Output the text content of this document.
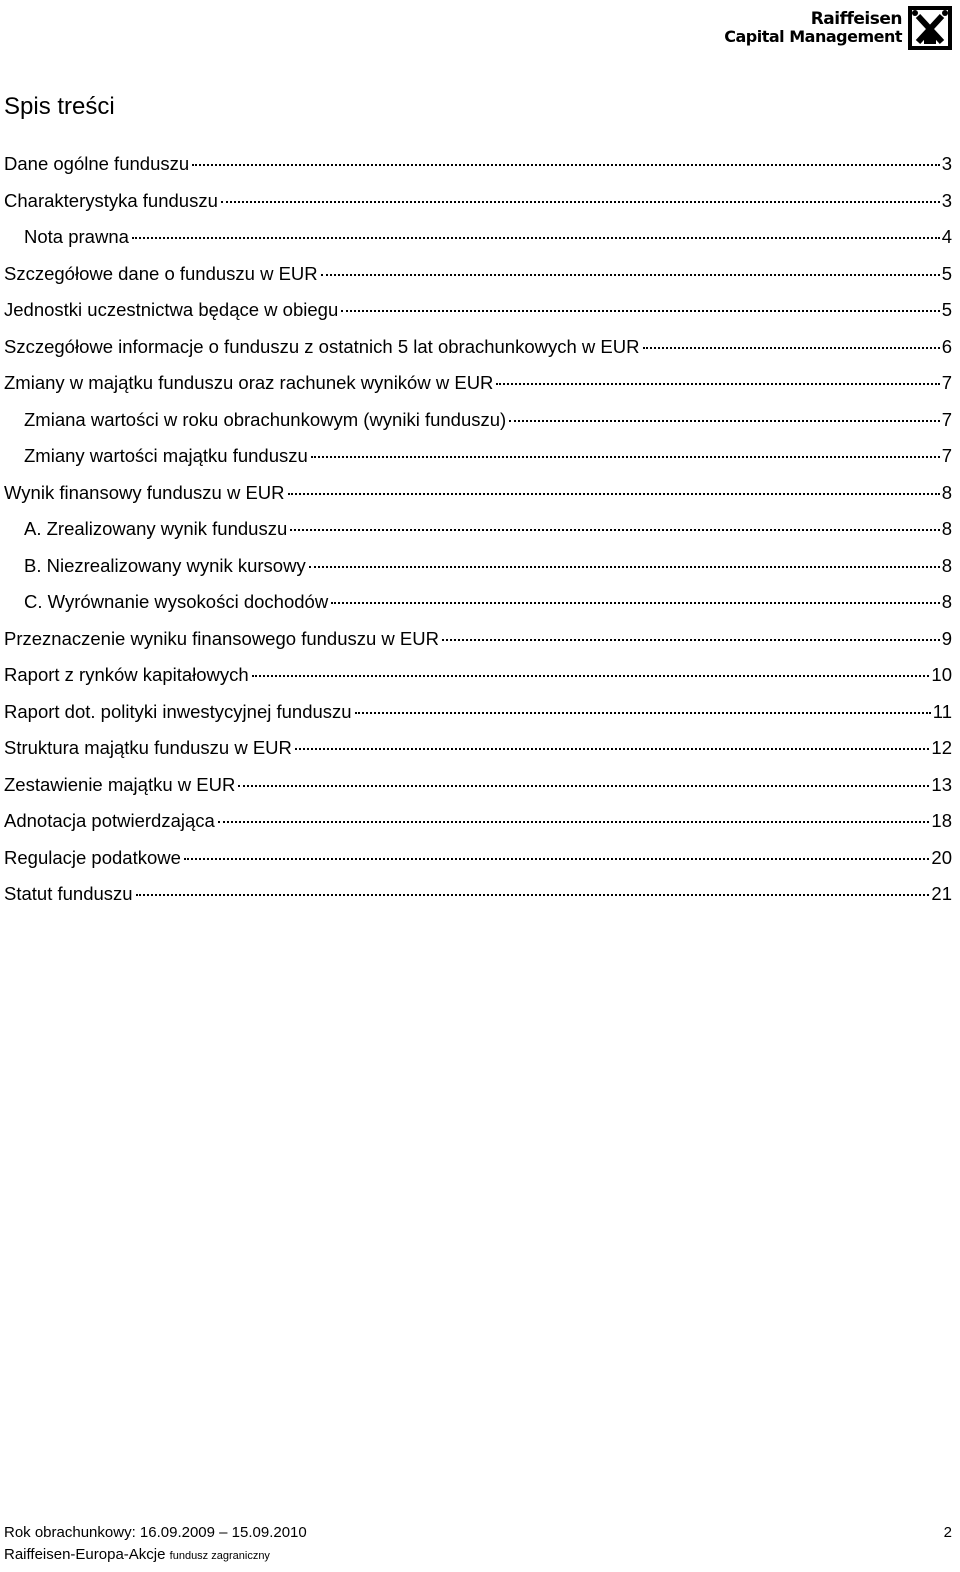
Raiffeisen
Capital Management
Spis treści
Dane ogólne funduszu	3
Charakterystyka funduszu	3
Nota prawna	4
Szczegółowe dane o funduszu w EUR	5
Jednostki uczestnictwa będące w obiegu	5
Szczegółowe informacje o funduszu z ostatnich 5 lat obrachunkowych w EUR	6
Zmiany w majątku funduszu oraz rachunek wyników w EUR	7
Zmiana wartości w roku obrachunkowym (wyniki funduszu)	7
Zmiany wartości majątku funduszu	7
Wynik finansowy funduszu w EUR	8
A. Zrealizowany wynik funduszu	8
B. Niezrealizowany wynik kursowy	8
C. Wyrównanie wysokości dochodów	8
Przeznaczenie wyniku finansowego funduszu w EUR	9
Raport z rynków kapitałowych	10
Raport dot. polityki inwestycyjnej funduszu	11
Struktura majątku funduszu w EUR	12
Zestawienie majątku w EUR	13
Adnotacja potwierdzająca	18
Regulacje podatkowe	20
Statut funduszu	21
Rok obrachunkowy: 16.09.2009 – 15.09.2010	2
Raiffeisen-Europa-Akcje fundusz zagraniczny
